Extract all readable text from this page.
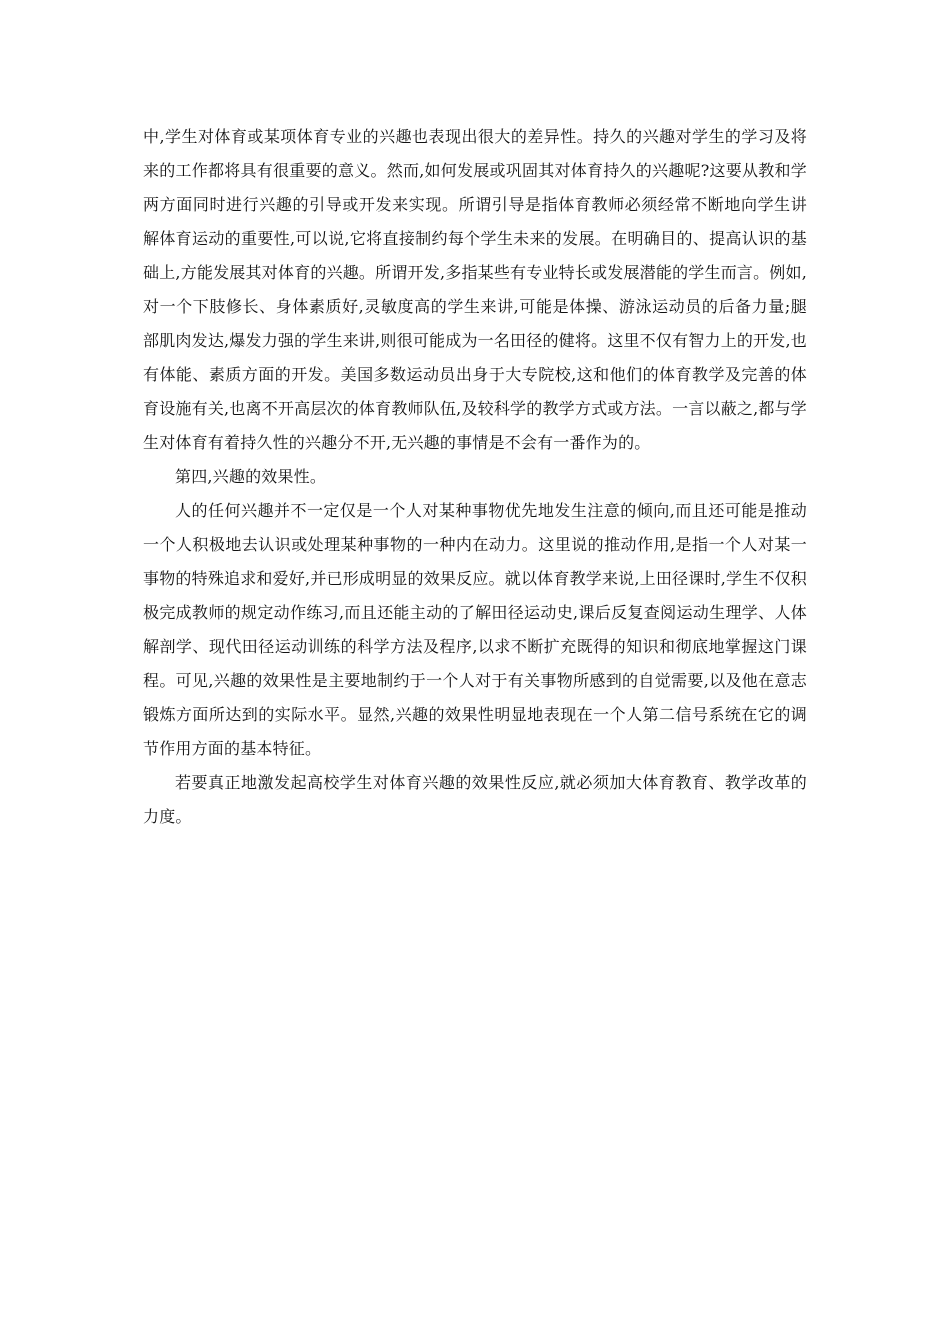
中,学生对体育或某项体育专业的兴趣也表现出很大的差异性。持久的兴趣对学生的学习及将来的工作都将具有很重要的意义。然而,如何发展或巩固其对体育持久的兴趣呢?这要从教和学两方面同时进行兴趣的引导或开发来实现。所谓引导是指体育教师必须经常不断地向学生讲解体育运动的重要性,可以说,它将直接制约每个学生未来的发展。在明确目的、提高认识的基础上,方能发展其对体育的兴趣。所谓开发,多指某些有专业特长或发展潜能的学生而言。例如,对一个下肢修长、身体素质好,灵敏度高的学生来讲,可能是体操、游泳运动员的后备力量;腿部肌肉发达,爆发力强的学生来讲,则很可能成为一名田径的健将。这里不仅有智力上的开发,也有体能、素质方面的开发。美国多数运动员出身于大专院校,这和他们的体育教学及完善的体育设施有关,也离不开高层次的体育教师队伍,及较科学的教学方式或方法。一言以蔽之,都与学生对体育有着持久性的兴趣分不开,无兴趣的事情是不会有一番作为的。

第四,兴趣的效果性。

人的任何兴趣并不一定仅是一个人对某种事物优先地发生注意的倾向,而且还可能是推动一个人积极地去认识或处理某种事物的一种内在动力。这里说的推动作用,是指一个人对某一事物的特殊追求和爱好,并已形成明显的效果反应。就以体育教学来说,上田径课时,学生不仅积极完成教师的规定动作练习,而且还能主动的了解田径运动史,课后反复查阅运动生理学、人体解剖学、现代田径运动训练的科学方法及程序,以求不断扩充既得的知识和彻底地掌握这门课程。可见,兴趣的效果性是主要地制约于一个人对于有关事物所感到的自觉需要,以及他在意志锻炼方面所达到的实际水平。显然,兴趣的效果性明显地表现在一个人第二信号系统在它的调节作用方面的基本特征。

若要真正地激发起高校学生对体育兴趣的效果性反应,就必须加大体育教育、教学改革的力度。
